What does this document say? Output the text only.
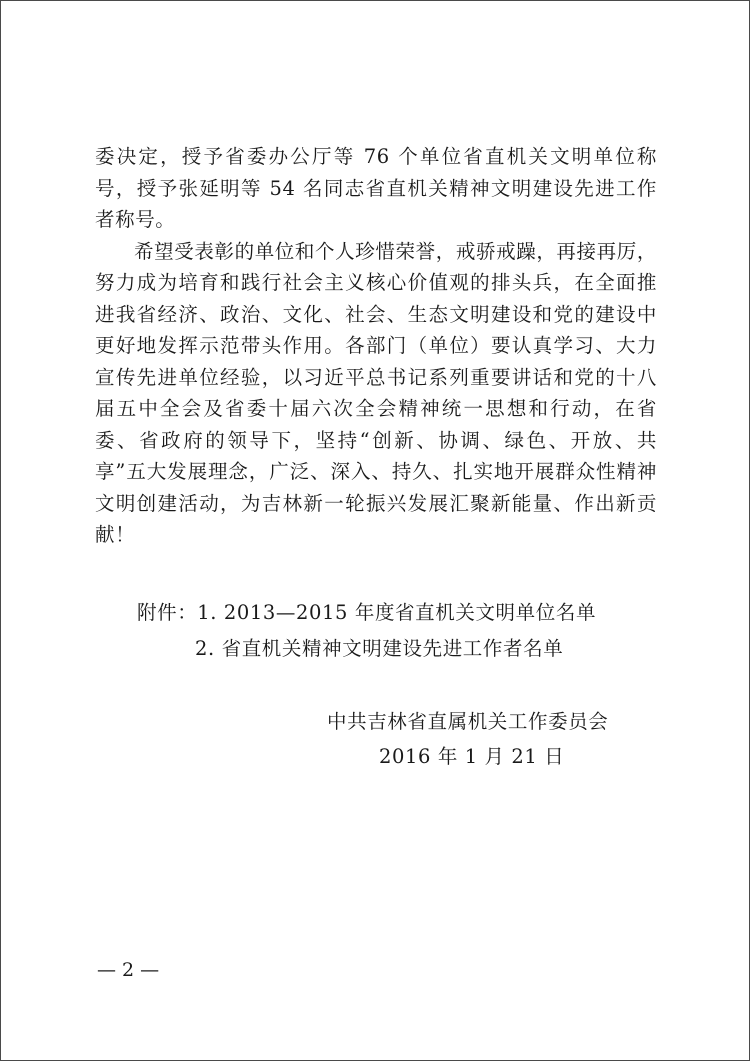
委决定，授予省委办公厅等 76 个单位省直机关文明单位称号，授予张延明等 54 名同志省直机关精神文明建设先进工作者称号。

希望受表彰的单位和个人珍惜荣誉，戒骄戒躁，再接再厉，努力成为培育和践行社会主义核心价值观的排头兵，在全面推进我省经济、政治、文化、社会、生态文明建设和党的建设中更好地发挥示范带头作用。各部门（单位）要认真学习、大力宣传先进单位经验，以习近平总书记系列重要讲话和党的十八届五中全会及省委十届六次全会精神统一思想和行动，在省委、省政府的领导下，坚持“创新、协调、绿色、开放、共享”五大发展理念，广泛、深入、持久、扎实地开展群众性精神文明创建活动，为吉林新一轮振兴发展汇聚新能量、作出新贡献！

附件：1. 2013—2015 年度省直机关文明单位名单
2. 省直机关精神文明建设先进工作者名单
中共吉林省直属机关工作委员会
2016 年 1 月 21 日
— 2 —
